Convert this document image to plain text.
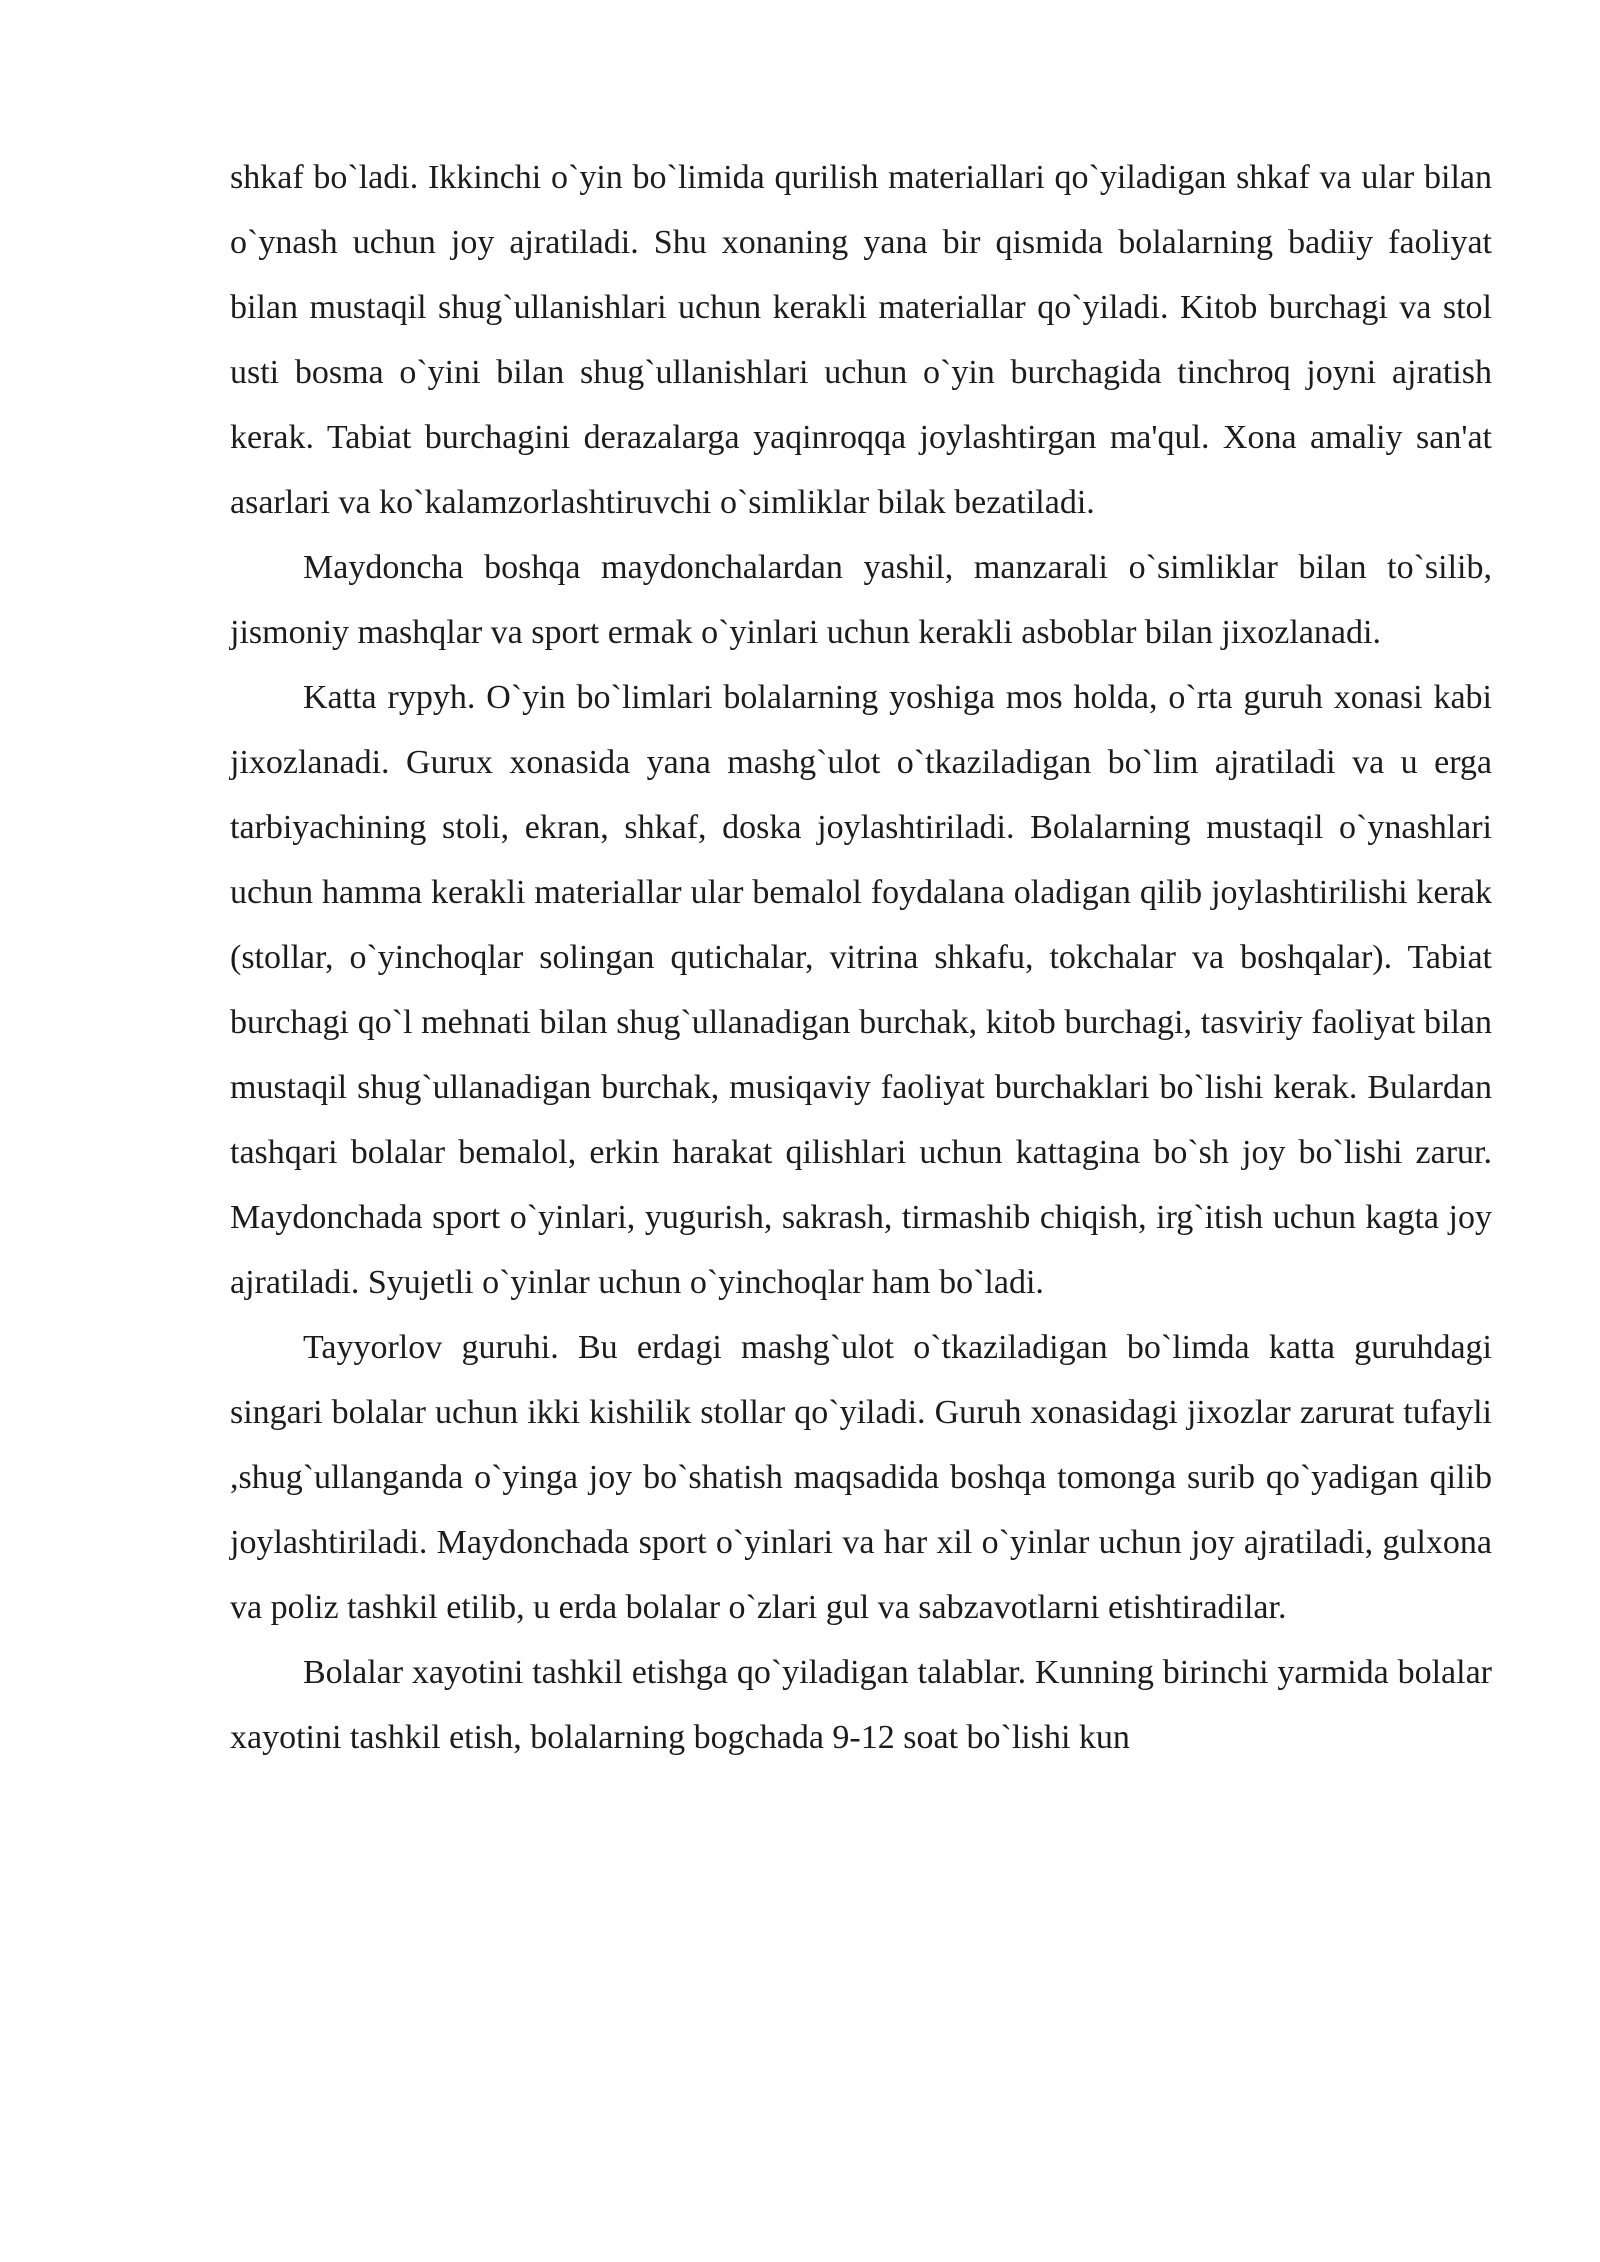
shkaf bo`ladi. Ikkinchi o`yin bo`limida qurilish materiallari qo`yiladigan shkaf va ular bilan o`ynash uchun joy ajratiladi. Shu xonaning yana bir qismida bolalarning badiiy faoliyat bilan mustaqil shug`ullanishlari uchun kerakli materiallar qo`yiladi. Kitob burchagi va stol usti bosma o`yini bilan shug`ullanishlari uchun o`yin burchagida tinchroq joyni ajratish kerak. Tabiat burchagini derazalarga yaqinroqqa joylashtirgan ma'qul. Xona amaliy san'at asarlari va ko`kalamzorlashtiruvchi o`simliklar bilak bezatiladi.

Maydoncha boshqa maydonchalardan yashil, manzarali o`simliklar bilan to`silib, jismoniy mashqlar va sport ermak o`yinlari uchun kerakli asboblar bilan jixozlanadi.

Katta rypyh. O`yin bo`limlari bolalarning yoshiga mos holda, o`rta guruh xonasi kabi jixozlanadi. Gurux xonasida yana mashg`ulot o`tkaziladigan bo`lim ajratiladi va u erga tarbiyachining stoli, ekran, shkaf, doska joylashtiriladi. Bolalarning mustaqil o`ynashlari uchun hamma kerakli materiallar ular bemalol foydalana oladigan qilib joylashtirilishi kerak (stollar, o`yinchoqlar solingan qutichalar, vitrina shkafu, tokchalar va boshqalar). Tabiat burchagi qo`l mehnati bilan shug`ullanadigan burchak, kitob burchagi, tasviriy faoliyat bilan mustaqil shug`ullanadigan burchak, musiqaviy faoliyat burchaklari bo`lishi kerak. Bulardan tashqari bolalar bemalol, erkin harakat qilishlari uchun kattagina bo`sh joy bo`lishi zarur. Maydonchada sport o`yinlari, yugurish, sakrash, tirmashib chiqish, irg`itish uchun kagta joy ajratiladi. Syujetli o`yinlar uchun o`yinchoqlar ham bo`ladi.

Tayyorlov guruhi. Bu erdagi mashg`ulot o`tkaziladigan bo`limda katta guruhdagi singari bolalar uchun ikki kishilik stollar qo`yiladi. Guruh xonasidagi jixozlar zarurat tufayli ,shug`ullanganda o`yinga joy bo`shatish maqsadida boshqa tomonga surib qo`yadigan qilib joylashtiriladi. Maydonchada sport o`yinlari va har xil o`yinlar uchun joy ajratiladi, gulxona va poliz tashkil etilib, u erda bolalar o`zlari gul va sabzavotlarni etishtiradilar.

Bolalar xayotini tashkil etishga qo`yiladigan talablar. Kunning birinchi yarmida bolalar xayotini tashkil etish, bolalarning bogchada 9-12 soat bo`lishi kun
